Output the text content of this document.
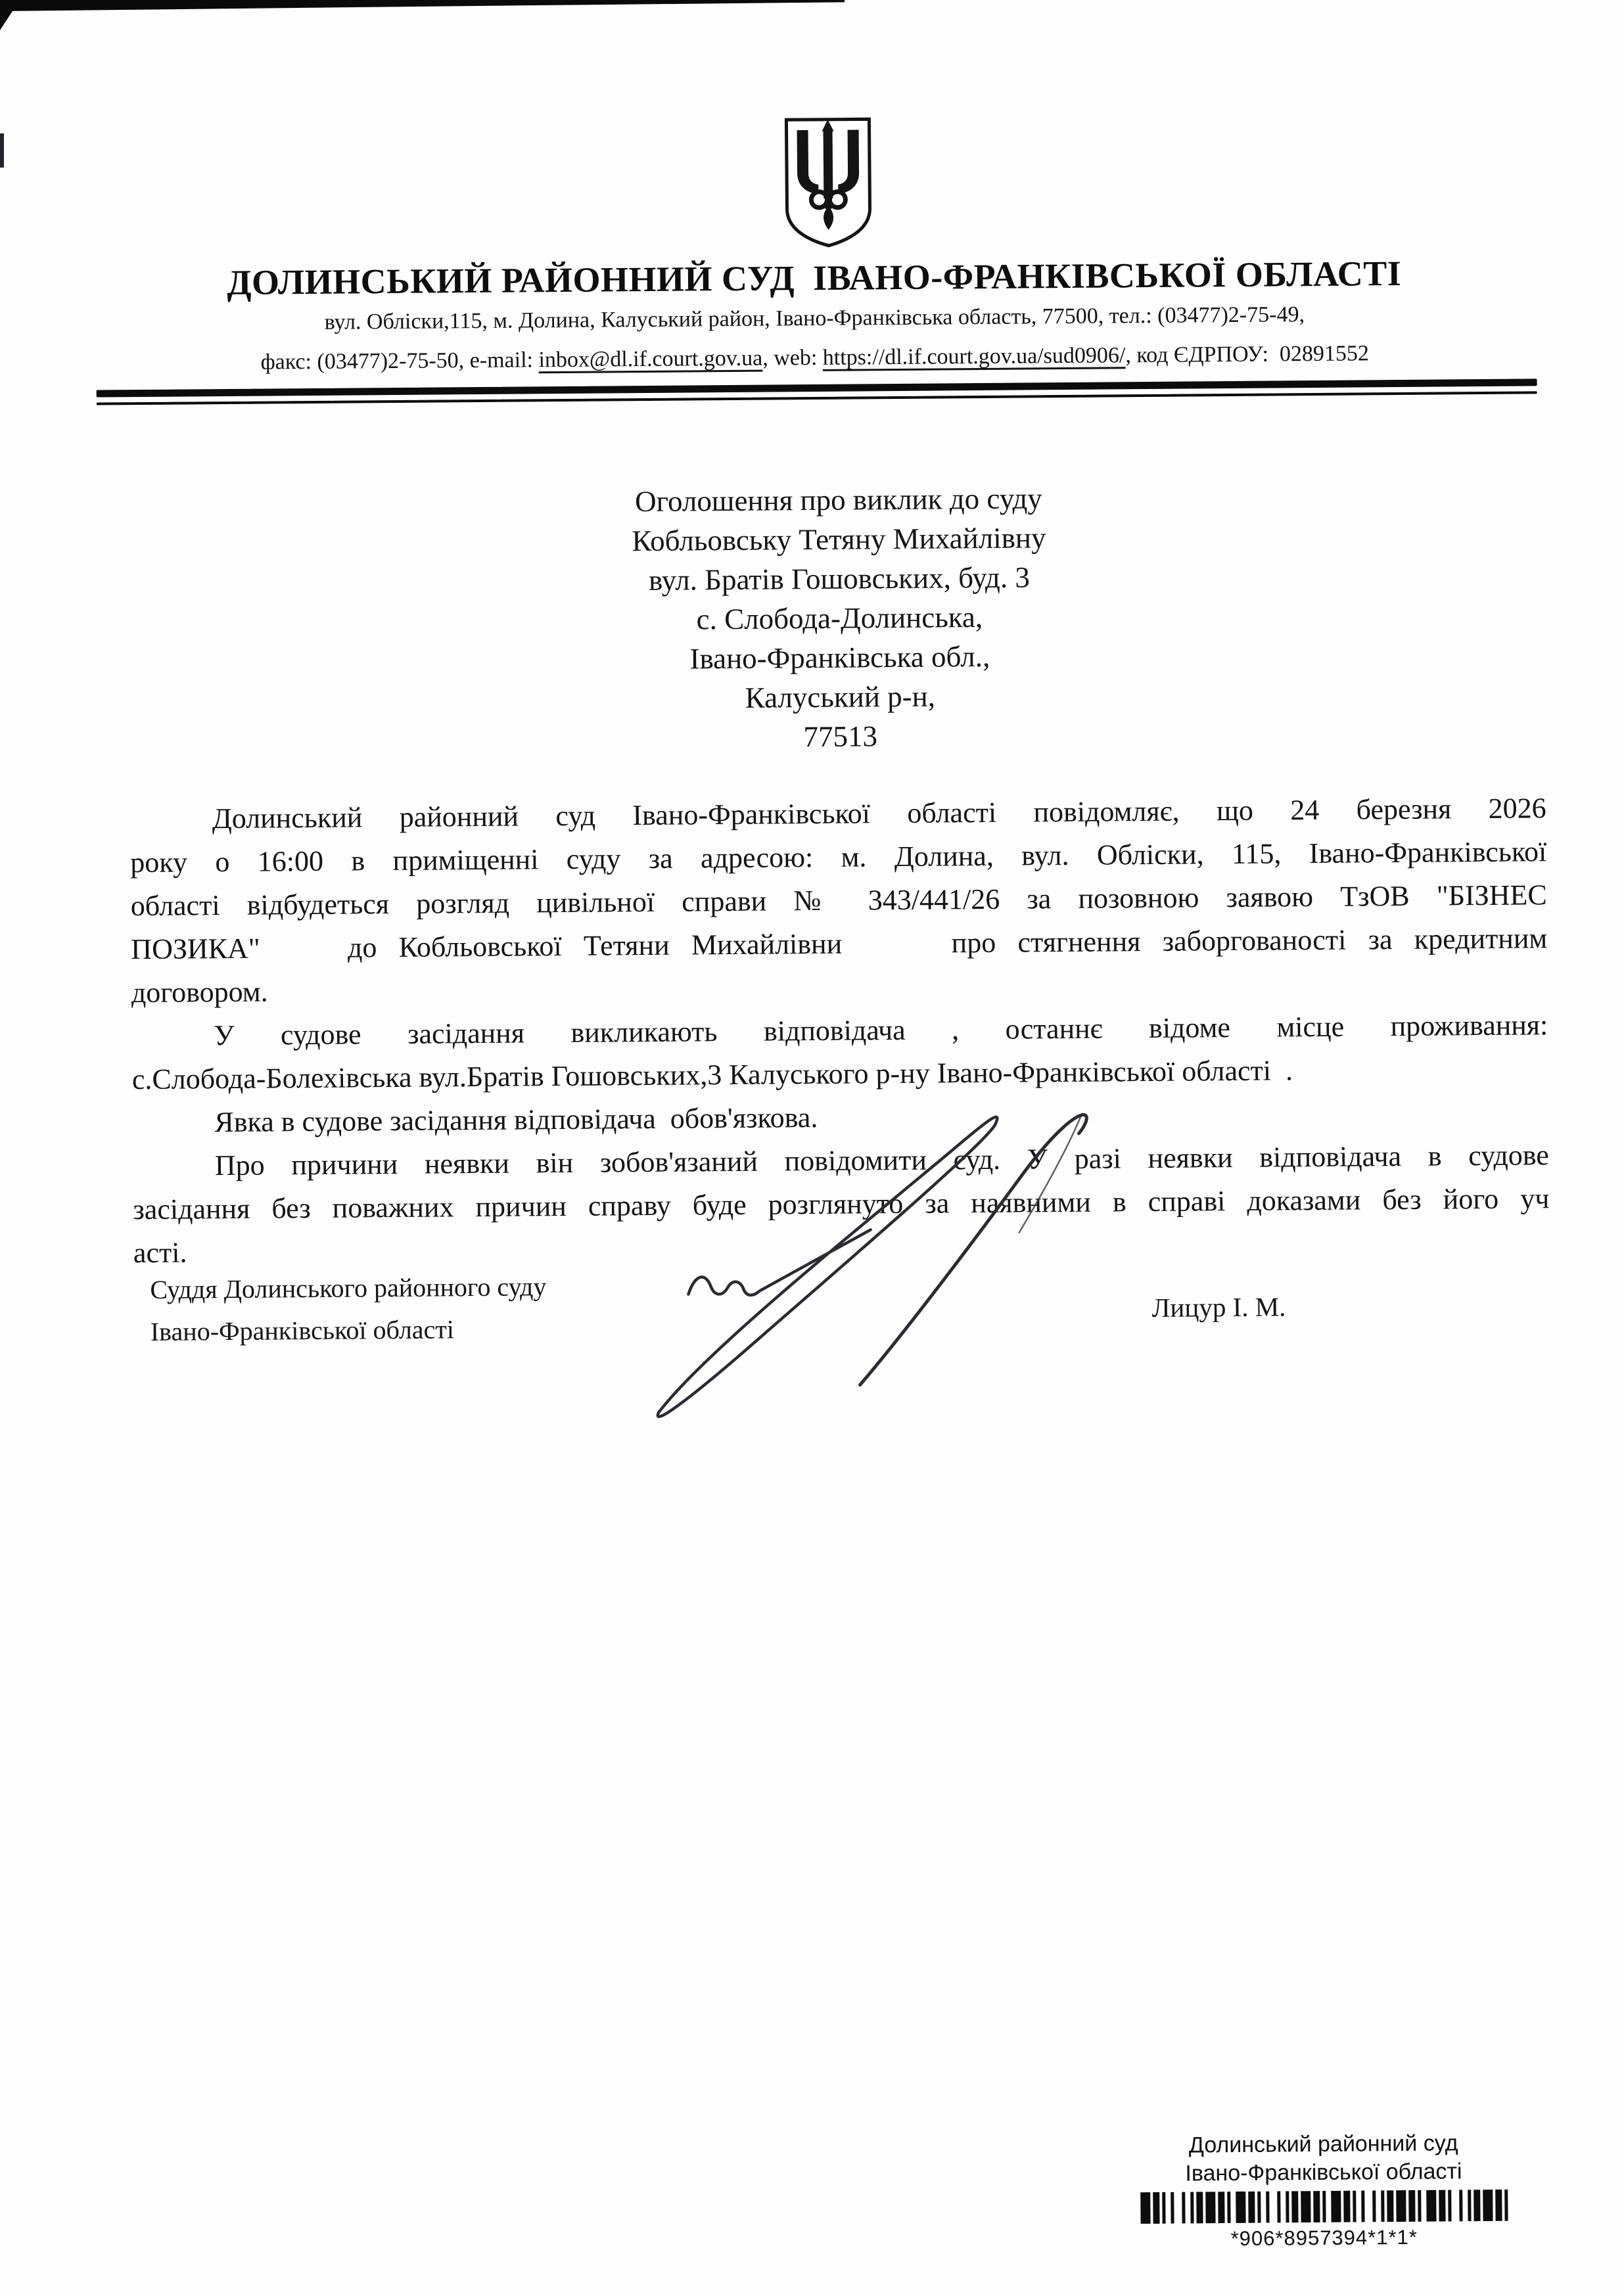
ДОЛИНСЬКИЙ РАЙОННИЙ СУД  ІВАНО-ФРАНКІВСЬКОЇ ОБЛАСТІ
вул. Обліски,115, м. Долина, Калуський район, Івано-Франківська область, 77500, тел.: (03477)2-75-49,
факс: (03477)2-75-50, e-mail: inbox@dl.if.court.gov.ua, web: https://dl.if.court.gov.ua/sud0906/, код ЄДРПОУ:  02891552
Оголошення про виклик до суду
Кобльовську Тетяну Михайлівну
вул. Братів Гошовських, буд. 3
с. Слобода-Долинська,
Івано-Франківська обл.,
Калуський р-н,
77513
Долинський районний суд Івано-Франківської області повідомляє, що 24 березня 2026
року о 16:00 в приміщенні суду за адресою: м. Долина, вул. Обліски, 115, Івано-Франківської
області відбудеться розгляд цивільної справи № 343/441/26 за позовною заявою ТзОВ "БІЗНЕС
ПОЗИКА"    до Кобльовської Тетяни Михайлівни     про стягнення заборгованості за кредитним
договором.
У судове засідання викликають відповідача , останнє відоме місце проживання:
с.Слобода-Болехівська вул.Братів Гошовських,3 Калуського р-ну Івано-Франківської області  .
Явка в судове засідання відповідача  обов'язкова.
Про причини неявки він зобов'язаний повідомити суд. У разі неявки відповідача в судове
засідання без поважних причин справу буде розглянуто за наявними в справі доказами без його уч
асті.
Суддя Долинського районного суду
Івано-Франківської області
Лицур І. М.
Долинський районний суд
Івано-Франківської області
*906*8957394*1*1*
